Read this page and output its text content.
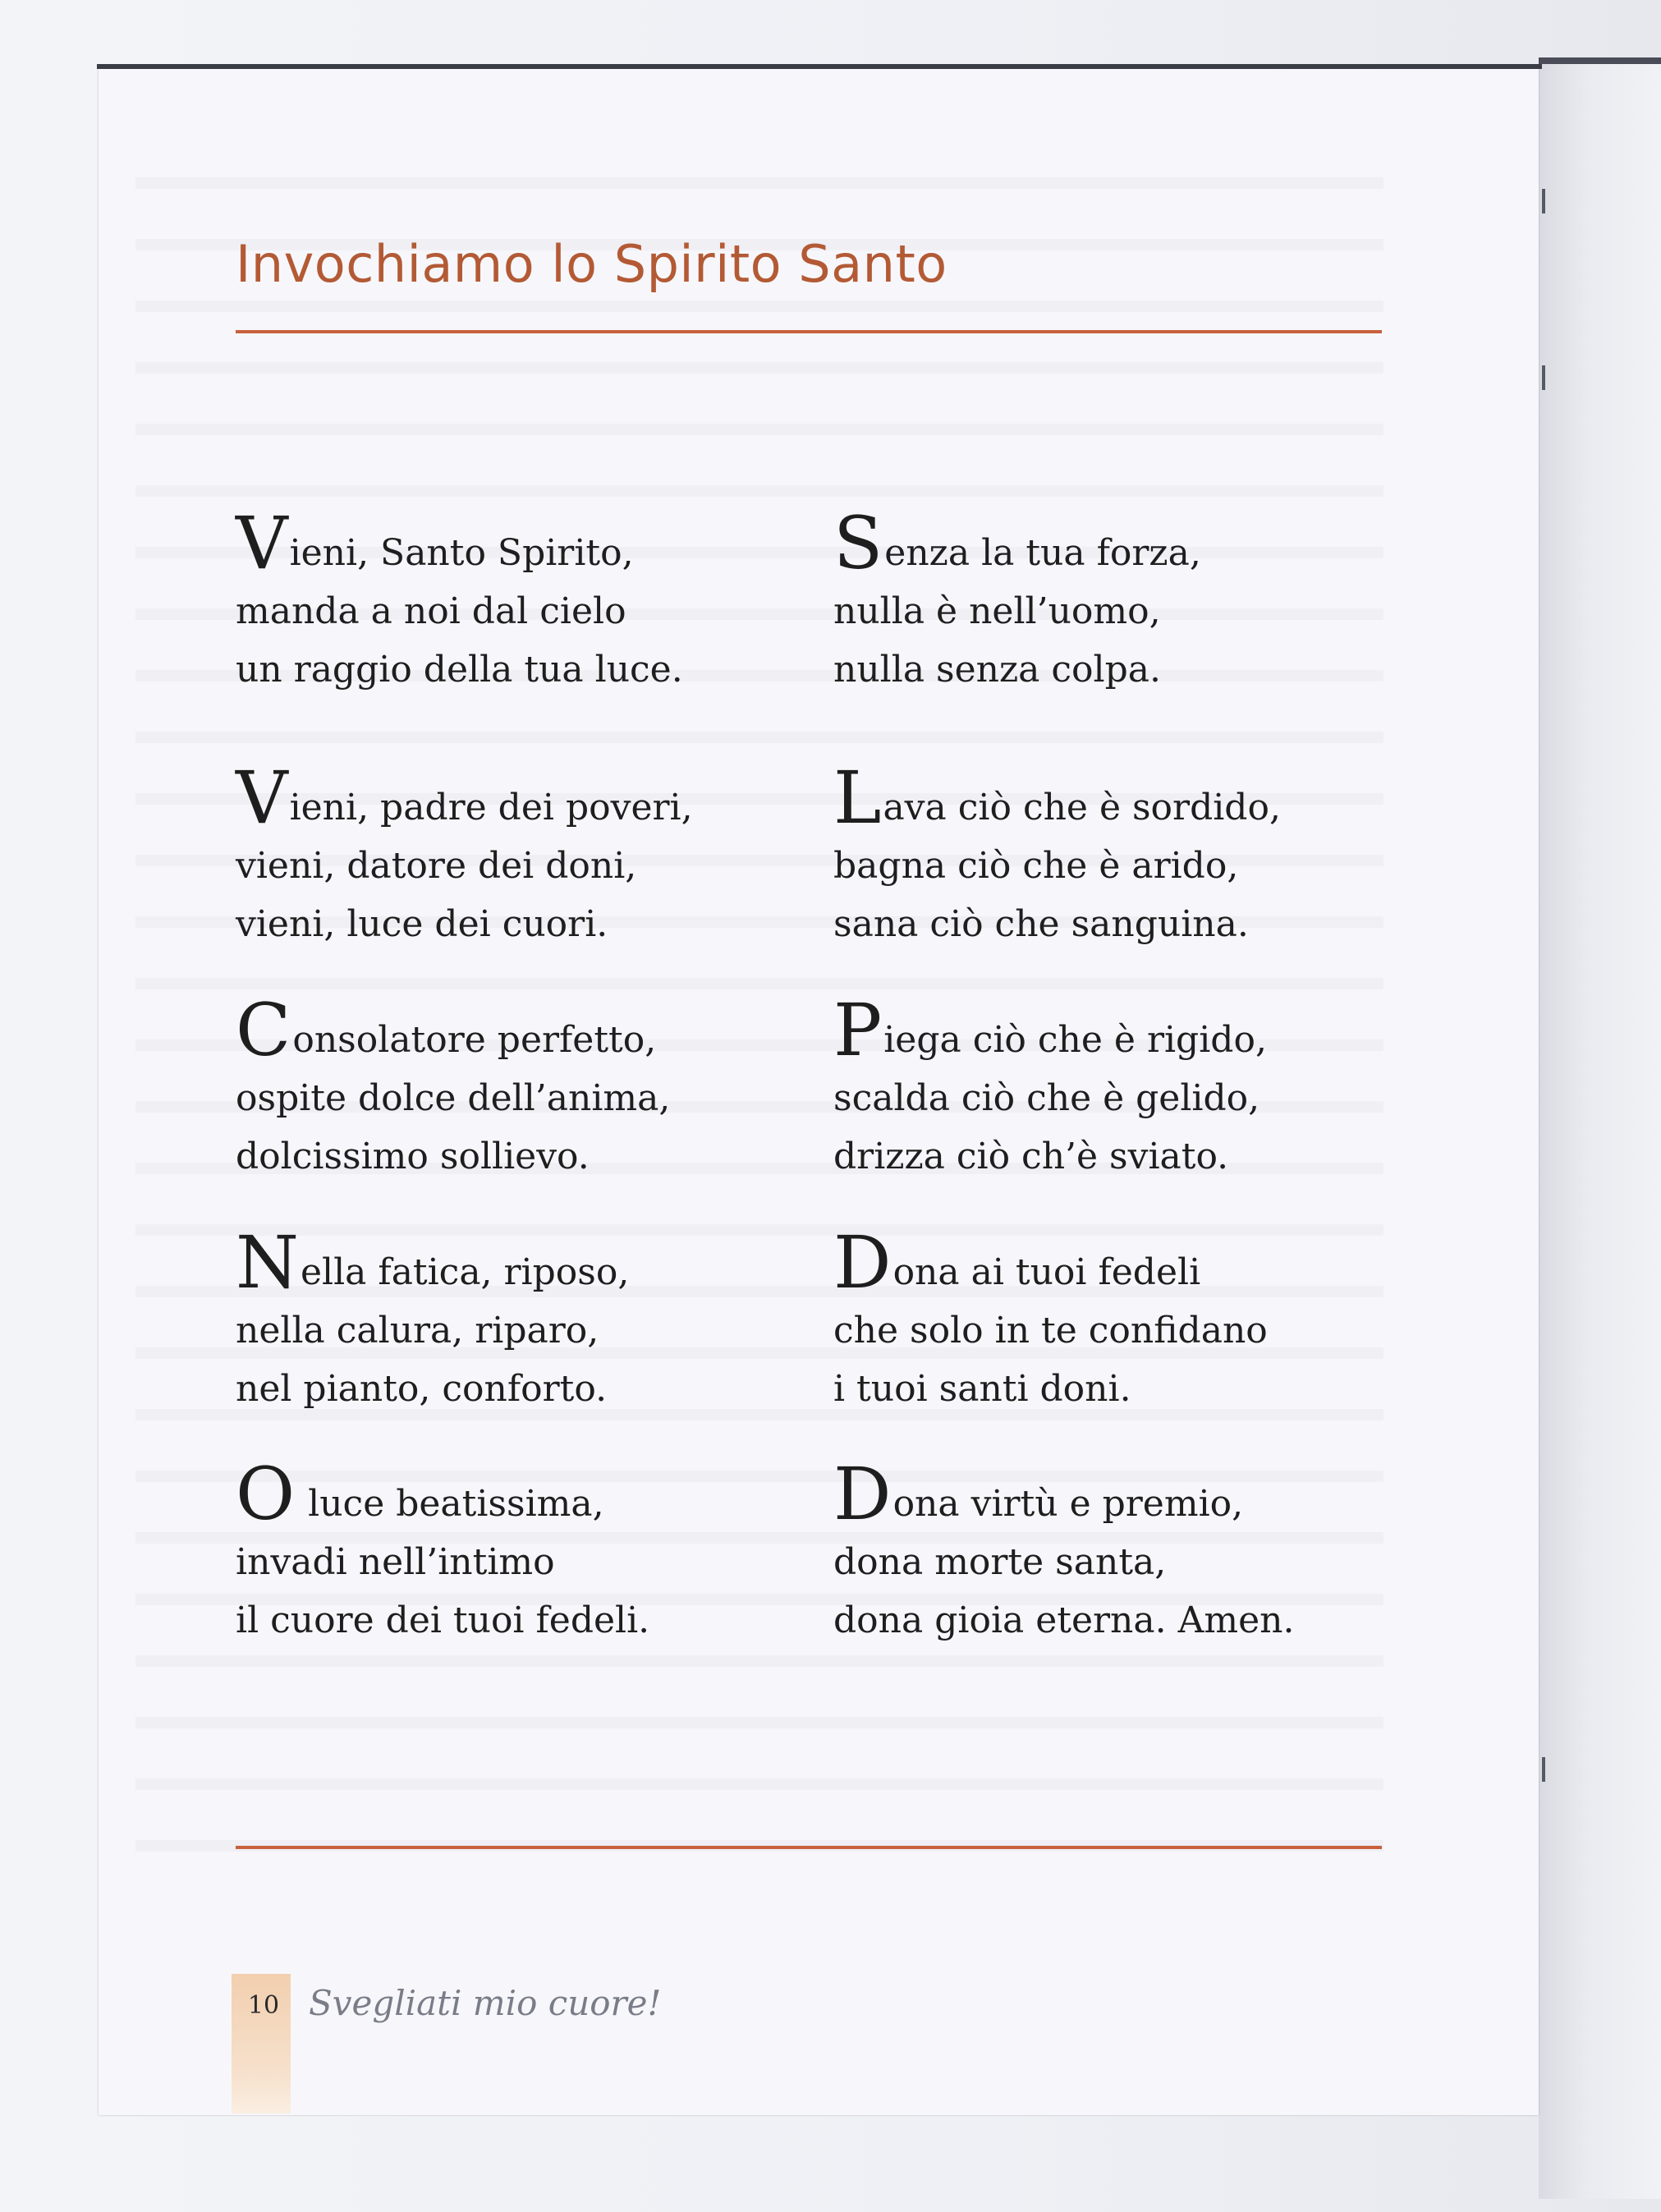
Invochiamo lo Spirito Santo
Vieni, Santo Spirito,
manda a noi dal cielo
un raggio della tua luce.
Vieni, padre dei poveri,
vieni, datore dei doni,
vieni, luce dei cuori.
Consolatore perfetto,
ospite dolce dell’anima,
dolcissimo sollievo.
Nella fatica, riposo,
nella calura, riparo,
nel pianto, conforto.
O luce beatissima,
invadi nell’intimo
il cuore dei tuoi fedeli.
Senza la tua forza,
nulla è nell’uomo,
nulla senza colpa.
Lava ciò che è sordido,
bagna ciò che è arido,
sana ciò che sanguina.
Piega ciò che è rigido,
scalda ciò che è gelido,
drizza ciò ch’è sviato.
Dona ai tuoi fedeli
che solo in te confidano
i tuoi santi doni.
Dona virtù e premio,
dona morte santa,
dona gioia eterna. Amen.
10 Svegliati mio cuore!
